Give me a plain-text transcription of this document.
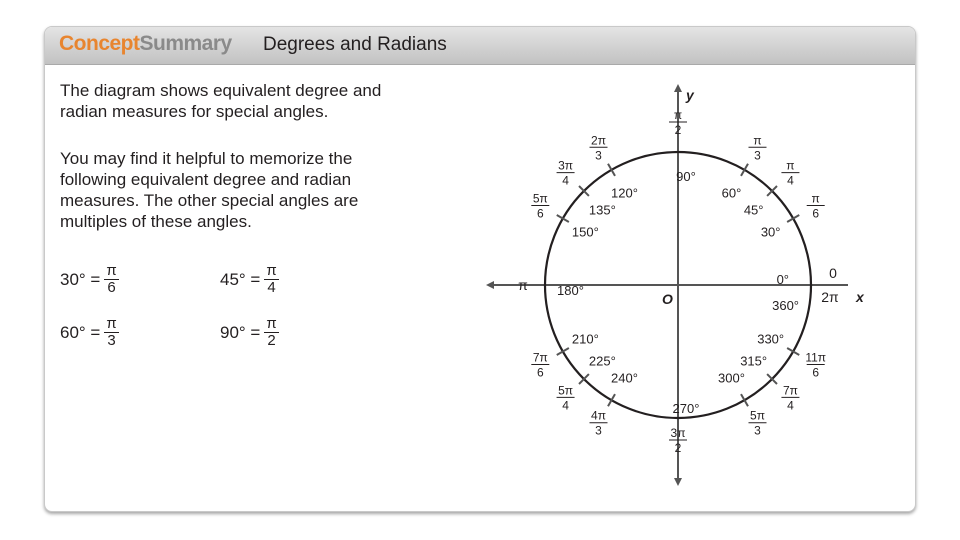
ConceptSummary Degrees and Radians

The diagram shows equivalent degree and radian measures for special angles.

You may find it helpful to memorize the following equivalent degree and radian measures. The other special angles are multiples of these angles.

$30^\circ = \frac{\pi}{6}$	$45^\circ = \frac{\pi}{4}$
$60^\circ = \frac{\pi}{3}$	$90^\circ = \frac{\pi}{2}$
x
y
O
0°	0
30°
π
6
45°
π
4
60°
π
3
90°
π
2
120°
2π
3
135°
3π
4
150°
5π
6
180°
π
210°
7π
6
225°
5π
4
240°
4π
3
270°
3π
2
300°
5π
3
315°
7π
4
330°
11π
6
360°
2π
